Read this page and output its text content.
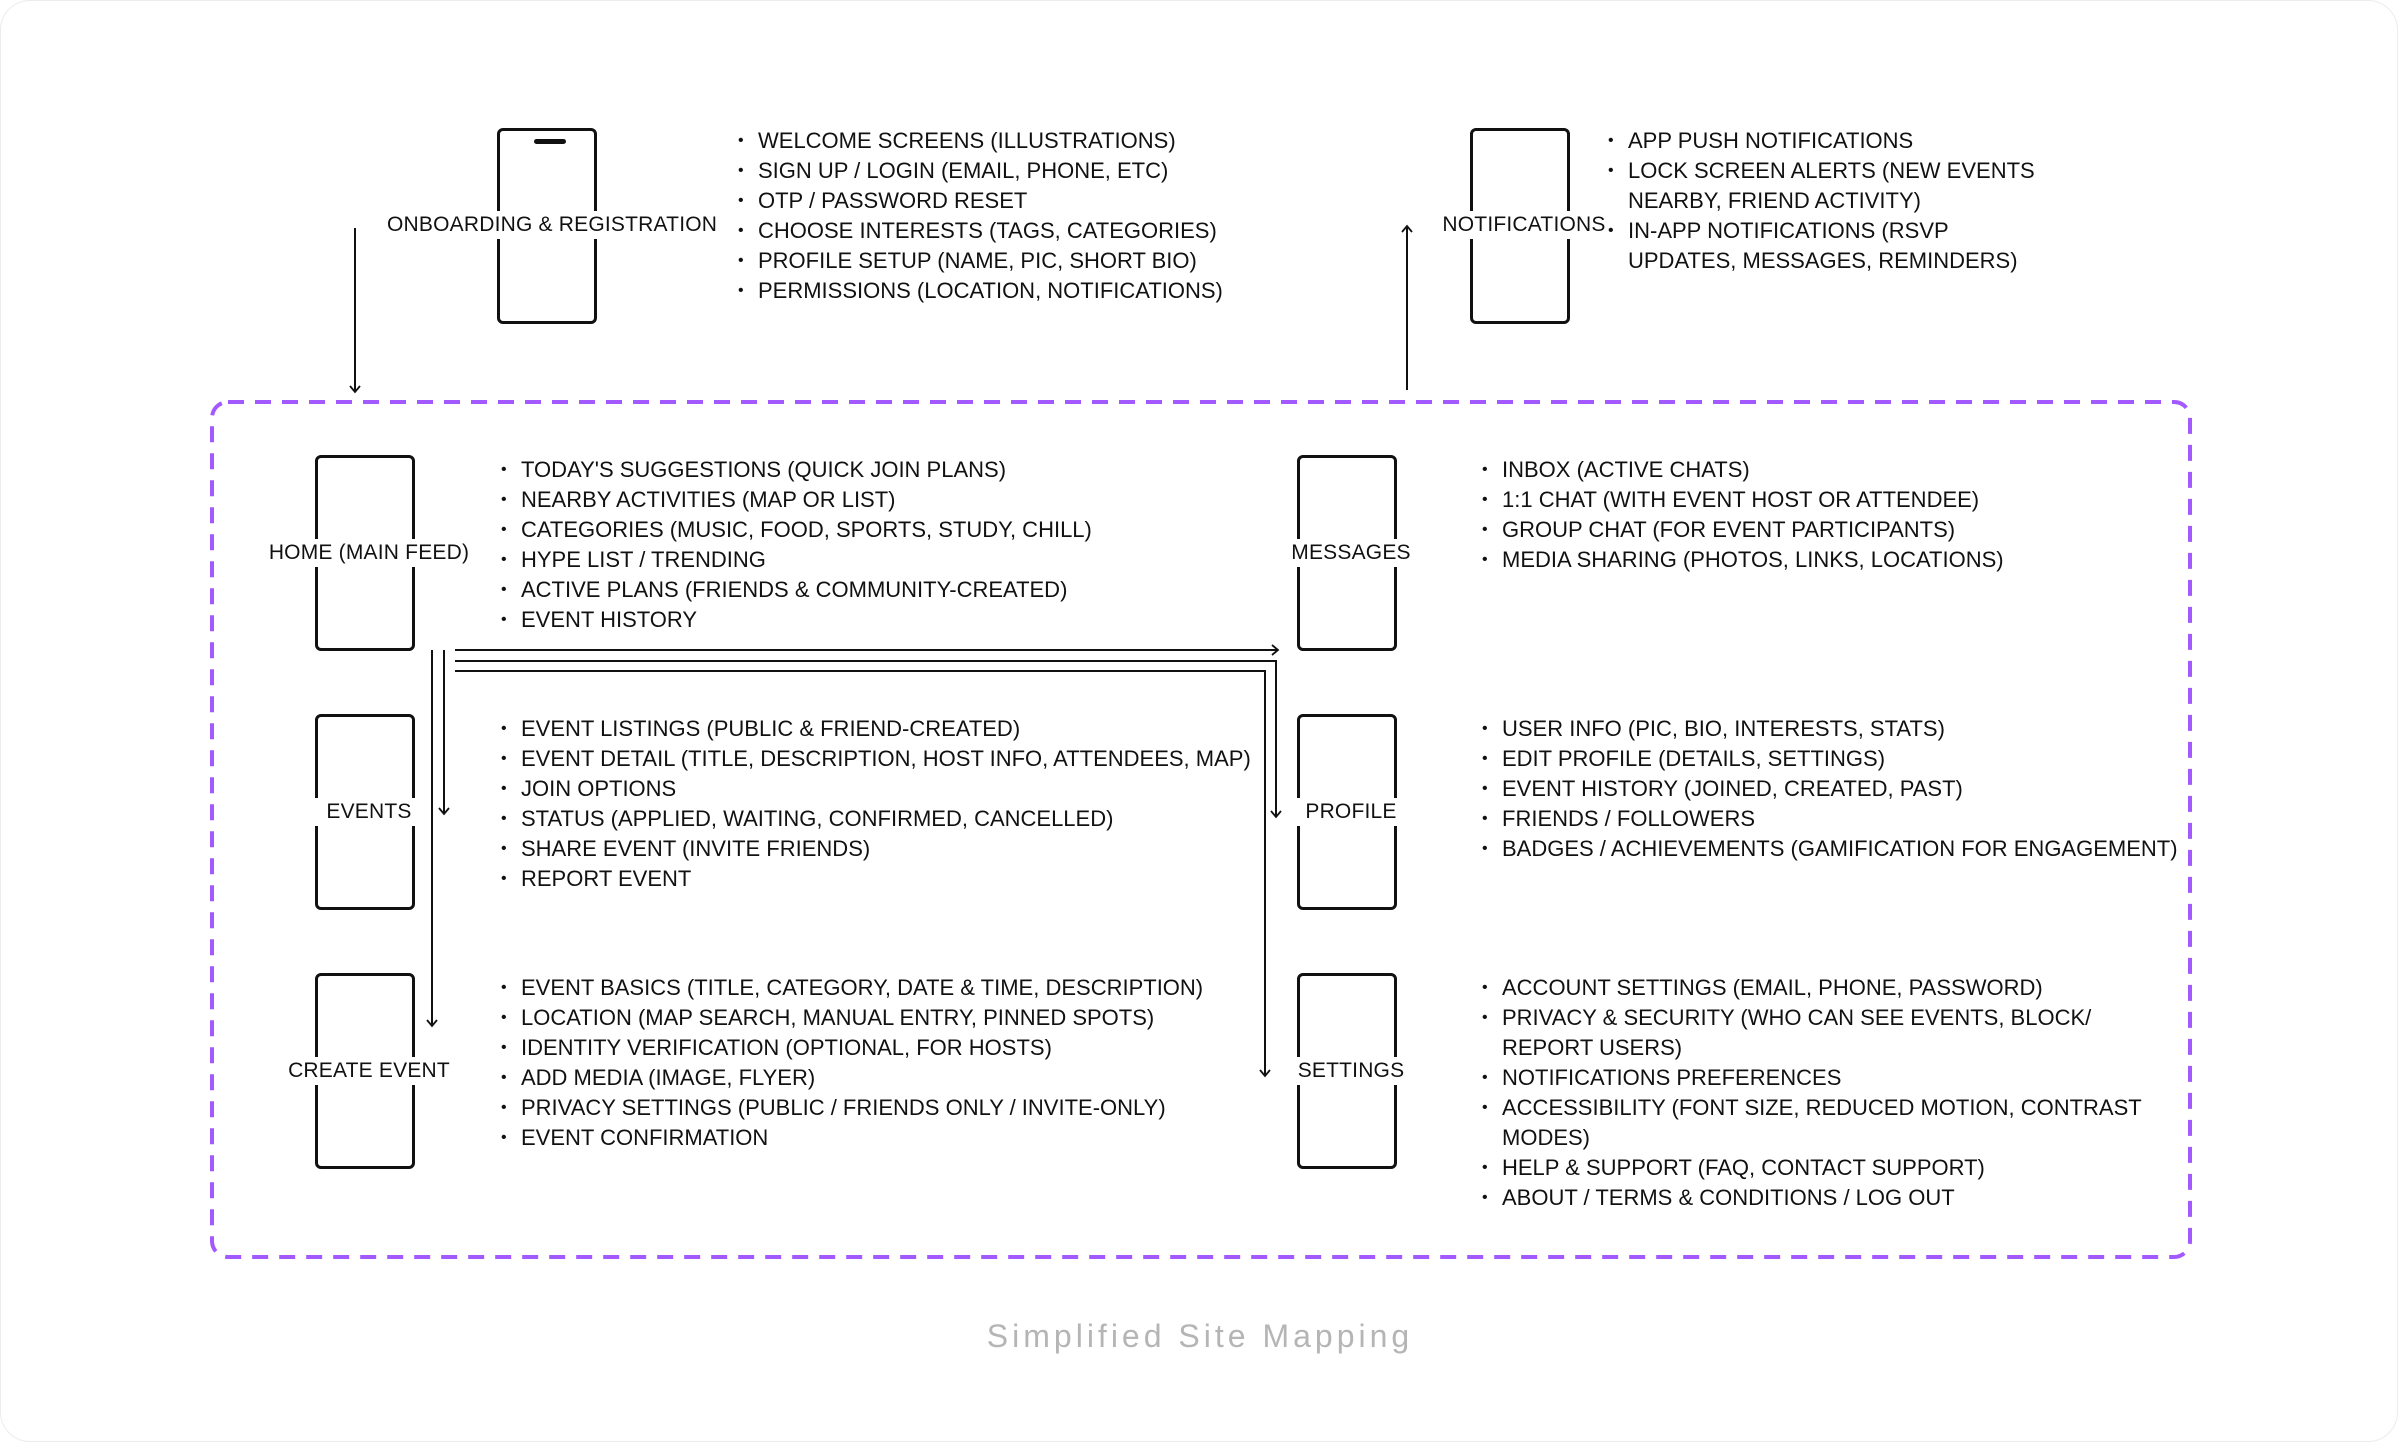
ONBOARDING & REGISTRATION
• WELCOME SCREENS (ILLUSTRATIONS)
• SIGN UP / LOGIN (EMAIL, PHONE, ETC)
• OTP / PASSWORD RESET
• CHOOSE INTERESTS (TAGS, CATEGORIES)
• PROFILE SETUP (NAME, PIC, SHORT BIO)
• PERMISSIONS (LOCATION, NOTIFICATIONS)
NOTIFICATIONS
• APP PUSH NOTIFICATIONS
• LOCK SCREEN ALERTS (NEW EVENTS
NEARBY, FRIEND ACTIVITY)
• IN-APP NOTIFICATIONS (RSVP
UPDATES, MESSAGES, REMINDERS)
HOME (MAIN FEED)
• TODAY'S SUGGESTIONS (QUICK JOIN PLANS)
• NEARBY ACTIVITIES (MAP OR LIST)
• CATEGORIES (MUSIC, FOOD, SPORTS, STUDY, CHILL)
• HYPE LIST / TRENDING
• ACTIVE PLANS (FRIENDS & COMMUNITY-CREATED)
• EVENT HISTORY
EVENTS
• EVENT LISTINGS (PUBLIC & FRIEND-CREATED)
• EVENT DETAIL (TITLE, DESCRIPTION, HOST INFO, ATTENDEES, MAP)
• JOIN OPTIONS
• STATUS (APPLIED, WAITING, CONFIRMED, CANCELLED)
• SHARE EVENT (INVITE FRIENDS)
• REPORT EVENT
CREATE EVENT
• EVENT BASICS (TITLE, CATEGORY, DATE & TIME, DESCRIPTION)
• LOCATION (MAP SEARCH, MANUAL ENTRY, PINNED SPOTS)
• IDENTITY VERIFICATION (OPTIONAL, FOR HOSTS)
• ADD MEDIA (IMAGE, FLYER)
• PRIVACY SETTINGS (PUBLIC / FRIENDS ONLY / INVITE-ONLY)
• EVENT CONFIRMATION
MESSAGES
• INBOX (ACTIVE CHATS)
• 1:1 CHAT (WITH EVENT HOST OR ATTENDEE)
• GROUP CHAT (FOR EVENT PARTICIPANTS)
• MEDIA SHARING (PHOTOS, LINKS, LOCATIONS)
PROFILE
• USER INFO (PIC, BIO, INTERESTS, STATS)
• EDIT PROFILE (DETAILS, SETTINGS)
• EVENT HISTORY (JOINED, CREATED, PAST)
• FRIENDS / FOLLOWERS
• BADGES / ACHIEVEMENTS (GAMIFICATION FOR ENGAGEMENT)
SETTINGS
• ACCOUNT SETTINGS (EMAIL, PHONE, PASSWORD)
• PRIVACY & SECURITY (WHO CAN SEE EVENTS, BLOCK/
REPORT USERS)
• NOTIFICATIONS PREFERENCES
• ACCESSIBILITY (FONT SIZE, REDUCED MOTION, CONTRAST
MODES)
• HELP & SUPPORT (FAQ, CONTACT SUPPORT)
• ABOUT / TERMS & CONDITIONS / LOG OUT
Simplified Site Mapping
